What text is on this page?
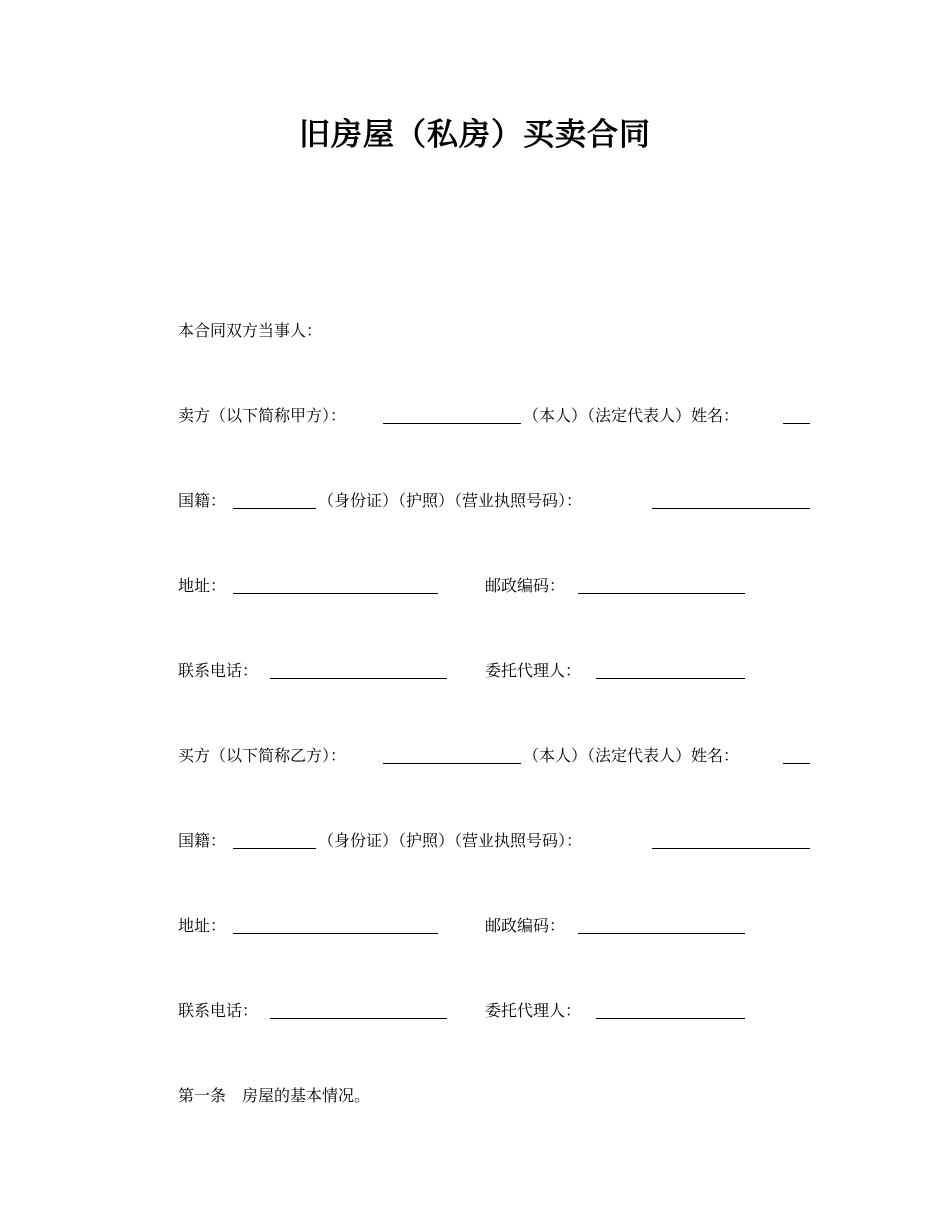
旧房屋（私房）买卖合同
本合同双方当事人：
卖方（以下简称甲方）：	（本人）（法定代表人）姓名：
国籍：	（身份证）（护照）（营业执照号码）：
地址：	邮政编码：
联系电话：	委托代理人：
买方（以下简称乙方）：	（本人）（法定代表人）姓名：
国籍：	（身份证）（护照）（营业执照号码）：
地址：	邮政编码：
联系电话：	委托代理人：
第一条　房屋的基本情况。
